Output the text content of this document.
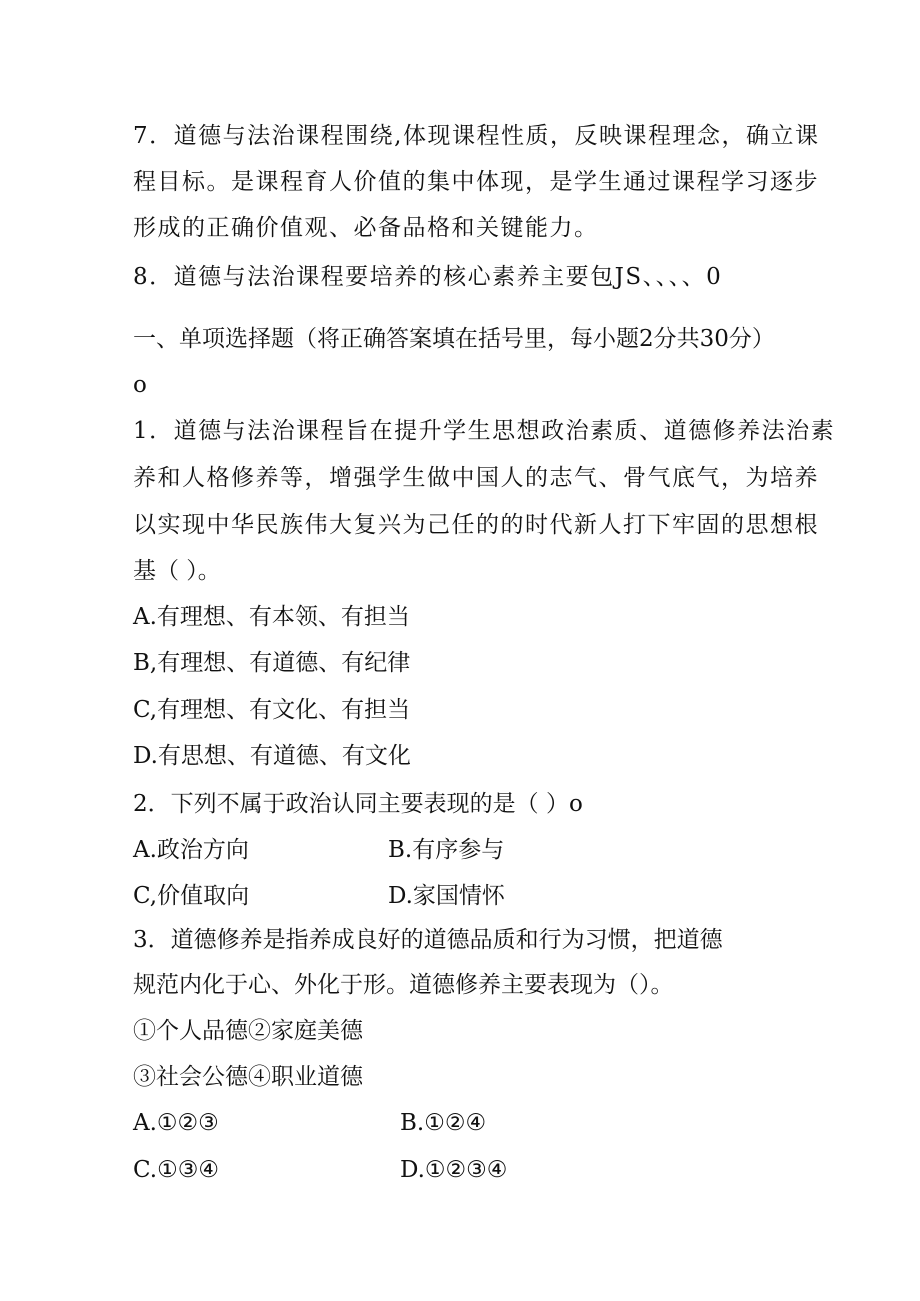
7．道德与法治课程围绕,体现课程性质，反映课程理念，确立课
程目标。是课程育人价值的集中体现，是学生通过课程学习逐步
形成的正确价值观、必备品格和关键能力。
8．道德与法治课程要培养的核心素养主要包JS、、、、0
一、单项选择题（将正确答案填在括号里，每小题2分共30分）
o
1．道德与法治课程旨在提升学生思想政治素质、道德修养法治素
养和人格修养等，增强学生做中国人的志气、骨气底气，为培养
以实现中华民族伟大复兴为己任的的时代新人打下牢固的思想根
基（ ）。
A.有理想、有本领、有担当
B,有理想、有道德、有纪律
C,有理想、有文化、有担当
D.有思想、有道德、有文化
2．下列不属于政治认同主要表现的是（ ）o
A.政治方向	B.有序参与
C,价值取向	D.家国情怀
3．道德修养是指养成良好的道德品质和行为习惯，把道德
规范内化于心、外化于形。道德修养主要表现为（）。
①个人品德②家庭美德
③社会公德④职业道德
A.①②③	B.①②④
C.①③④	D.①②③④
